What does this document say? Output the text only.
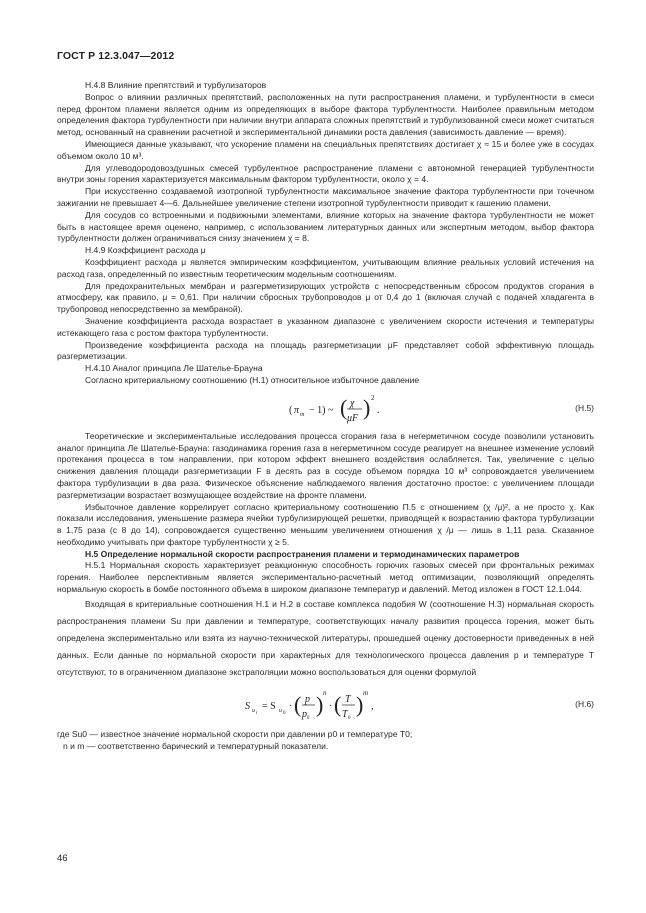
ГОСТ Р 12.3.047—2012

Н.4.8 Влияние препятствий и турбулизаторов

Вопрос о влиянии различных препятствий, расположенных на пути распространения пламени, и турбулентности в смеси перед фронтом пламени является одним из определяющих в выборе фактора турбулентности. Наиболее правильным методом определения фактора турбулентности при наличии внутри аппарата сложных препятствий и турбулизованной смеси может считаться метод, основанный на сравнении расчетной и экспериментальной динамики роста давления (зависимость давление — время).

Имеющиеся данные указывают, что ускорение пламени на специальных препятствиях достигает χ ≈ 15 и более уже в сосудах объемом около 10 м³.

Для углеводородовоздушных смесей турбулентное распространение пламени с автономной генерацией турбулентности внутри зоны горения характеризуется максимальным фактором турбулентности, около χ = 4.

При искусственно создаваемой изотропной турбулентности максимальное значение фактора турбулентности при точечном зажигании не превышает 4—6. Дальнейшее увеличение степени изотропной турбулентности приводит к гашению пламени.

Для сосудов со встроенными и подвижными элементами, влияние которых на значение фактора турбулентности не может быть в настоящее время оценено, например, с использованием литературных данных или экспертным методом, выбор фактора турбулентности должен ограничиваться снизу значением χ = 8.

Н.4.9 Коэффициент расхода μ

Коэффициент расхода μ является эмпирическим коэффициентом, учитывающим влияние реальных условий истечения на расход газа, определенный по известным теоретическим модельным соотношениям.

Для предохранительных мембран и разгерметизирующих устройств с непосредственным сбросом продуктов сгорания в атмосферу, как правило, μ = 0,61. При наличии сбросных трубопроводов μ от 0,4 до 1 (включая случай с подачей хладагента в трубопровод непосредственно за мембраной).

Значение коэффициента расхода возрастает в указанном диапазоне с увеличением скорости истечения и температуры истекающего газа с ростом фактора турбулентности.

Произведение коэффициента расхода на площадь разгерметизации μF представляет собой эффективную площадь разгерметизации.

Н.4.10 Аналог принципа Ле Шателье-Брауна

Согласно критериальному соотношению (Н.1) относительное избыточное давление

( π m − 1) ~ ( χ
μF ) 2
.	(Н.5)

Теоретические и экспериментальные исследования процесса сгорания газа в негерметичном сосуде позволили установить аналог принципа Ле Шателье-Брауна: газодинамика горения газа в негерметичном сосуде реагирует на внешнее изменение условий протекания процесса в том направлении, при котором эффект внешнего воздействия ослабляется. Так, увеличение с целью снижения давления площади разгерметизации F в десять раз в сосуде объемом порядка 10 м³ сопровождается увеличением фактора турбулизации в два раза. Физическое объяснение наблюдаемого явления достаточно простое: с увеличением площади разгерметизации возрастает возмущающее воздействие на фронте пламени.

Избыточное давление коррелирует согласно критериальному соотношению П.5 с отношением (χ /μ)², а не просто χ. Как показали исследования, уменьшение размера ячейки турбулизирующей решетки, приводящей к возрастанию фактора турбулизации в 1,75 раза (с 8 до 14), сопровождается существенно меньшим увеличением отношения χ /μ — лишь в 1,11 раза. Сказанное необходимо учитывать при факторе турбулентности χ ≥ 5.

Н.5 Определение нормальной скорости распространения пламени и термодинамических параметров

Н.5.1 Нормальная скорость характеризует реакционную способность горючих газовых смесей при фронтальных режимах горения. Наиболее перспективным является экспериментально-расчетный метод оптимизации, позволяющий определять нормальную скорость в бомбе постоянного объема в широком диапазоне температур и давлений. Метод изложен в ГОСТ 12.1.044.

Входящая в критериальные соотношения Н.1 и Н.2 в составе комплекса подобия W (соотношение Н.3) нормальная скорость распространения пламени Su при давлении и температуре, соответствующих началу развития процесса горения, может быть определена экспериментально или взята из научно-технической литературы, прошедшей оценку достоверности приведенных в ней данных. Если данные по нормальной скорости при характерных для технологического процесса давления p и температуре T отсутствуют, то в ограниченном диапазоне экстраполяции можно воспользоваться для оценки формулой

S u i
= S u 0
· ( p
p 0
) n
· ( T
T 0
) m
,	(Н.6)

где Su0 — известное значение нормальной скорости при давлении p0 и температуре T0;

n и m — соответственно барический и температурный показатели.

46
